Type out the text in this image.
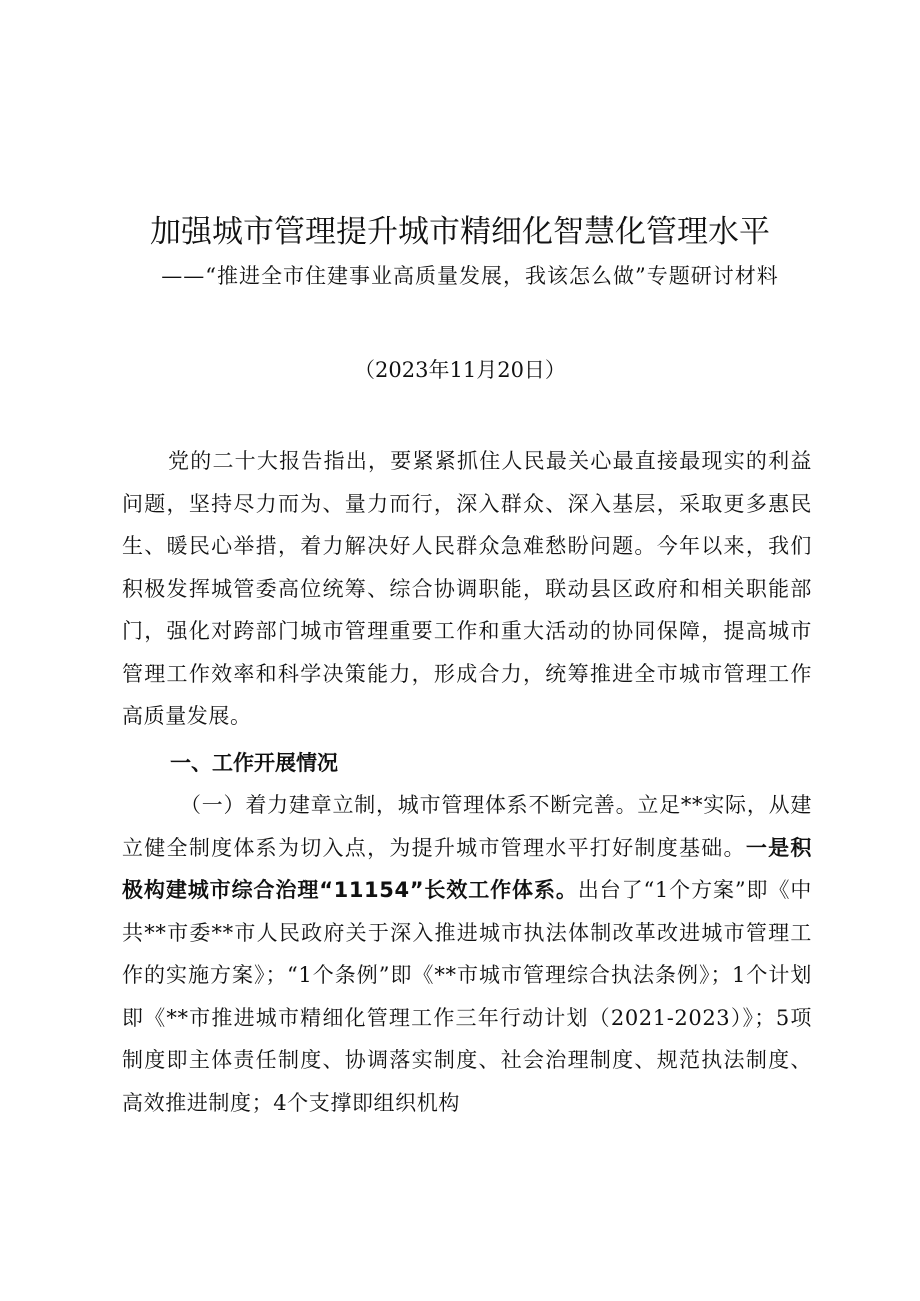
加强城市管理提升城市精细化智慧化管理水平

——“推进全市住建事业高质量发展，我该怎么做”专题研讨材料

（2023年11月20日）

党的二十大报告指出，要紧紧抓住人民最关心最直接最现实的利益问题，坚持尽力而为、量力而行，深入群众、深入基层，采取更多惠民生、暖民心举措，着力解决好人民群众急难愁盼问题。今年以来，我们积极发挥城管委高位统筹、综合协调职能，联动县区政府和相关职能部门，强化对跨部门城市管理重要工作和重大活动的协同保障，提高城市管理工作效率和科学决策能力，形成合力，统筹推进全市城市管理工作高质量发展。

一、工作开展情况

（一）着力建章立制，城市管理体系不断完善。立足**实际，从建立健全制度体系为切入点，为提升城市管理水平打好制度基础。一是积极构建城市综合治理“11154”长效工作体系。出台了“1个方案”即《中共**市委**市人民政府关于深入推进城市执法体制改革改进城市管理工作的实施方案》；“1个条例”即《**市城市管理综合执法条例》；1个计划即《**市推进城市精细化管理工作三年行动计划（2021-2023）》；5项制度即主体责任制度、协调落实制度、社会治理制度、规范执法制度、高效推进制度；4个支撑即组织机构
